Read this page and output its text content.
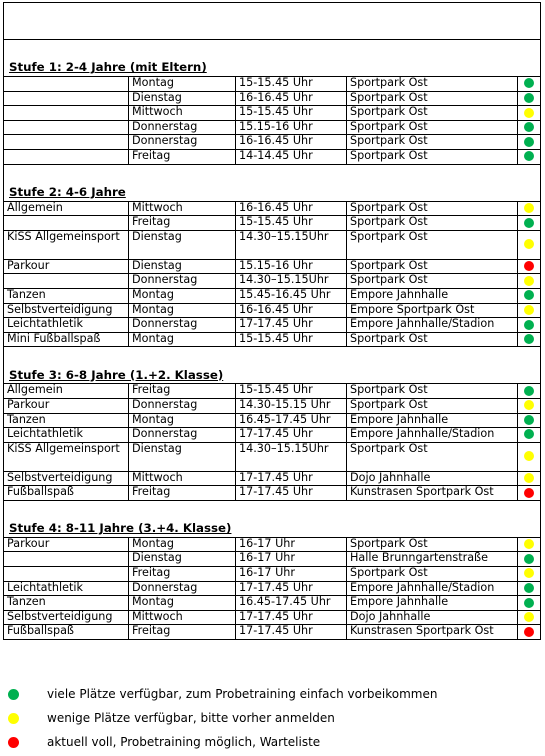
Stufe 1: 2-4 Jahre (mit Eltern)				
	Montag	15-15.45 Uhr	Sportpark Ost	
	Dienstag	16-16.45 Uhr	Sportpark Ost	
	Mittwoch	15-15.45 Uhr	Sportpark Ost	
	Donnerstag	15.15-16 Uhr	Sportpark Ost	
	Donnerstag	16-16.45 Uhr	Sportpark Ost	
	Freitag	14-14.45 Uhr	Sportpark Ost	
Stufe 2: 4-6 Jahre				
Allgemein	Mittwoch	16-16.45 Uhr	Sportpark Ost	
	Freitag	15-15.45 Uhr	Sportpark Ost	
KiSS Allgemeinsport	Dienstag	14.30–15.15Uhr	Sportpark Ost	
Parkour	Dienstag	15.15-16 Uhr	Sportpark Ost	
	Donnerstag	14.30–15.15Uhr	Sportpark Ost	
Tanzen	Montag	15.45-16.45 Uhr	Empore Jahnhalle	
Selbstverteidigung	Montag	16-16.45 Uhr	Empore Sportpark Ost	
Leichtathletik	Donnerstag	17-17.45 Uhr	Empore Jahnhalle/Stadion	
Mini Fußballspaß	Montag	15-15.45 Uhr	Sportpark Ost	
Stufe 3: 6-8 Jahre (1.+2. Klasse)				
Allgemein	Freitag	15-15.45 Uhr	Sportpark Ost	
Parkour	Donnerstag	14.30-15.15 Uhr	Sportpark Ost	
Tanzen	Montag	16.45-17.45 Uhr	Empore Jahnhalle	
Leichtathletik	Donnerstag	17-17.45 Uhr	Empore Jahnhalle/Stadion	
KiSS Allgemeinsport	Dienstag	14.30–15.15Uhr	Sportpark Ost	
Selbstverteidigung	Mittwoch	17-17.45 Uhr	Dojo Jahnhalle	
Fußballspaß	Freitag	17-17.45 Uhr	Kunstrasen Sportpark Ost	
Stufe 4: 8-11 Jahre (3.+4. Klasse)				
Parkour	Montag	16-17 Uhr	Sportpark Ost	
	Dienstag	16-17 Uhr	Halle Brunngartenstraße	
	Freitag	16-17 Uhr	Sportpark Ost	
Leichtathletik	Donnerstag	17-17.45 Uhr	Empore Jahnhalle/Stadion	
Tanzen	Montag	16.45-17.45 Uhr	Empore Jahnhalle	
Selbstverteidigung	Mittwoch	17-17.45 Uhr	Dojo Jahnhalle	
Fußballspaß	Freitag	17-17.45 Uhr	Kunstrasen Sportpark Ost	
viele Plätze verfügbar, zum Probetraining einfach vorbeikommen
wenige Plätze verfügbar, bitte vorher anmelden
aktuell voll, Probetraining möglich, Warteliste
